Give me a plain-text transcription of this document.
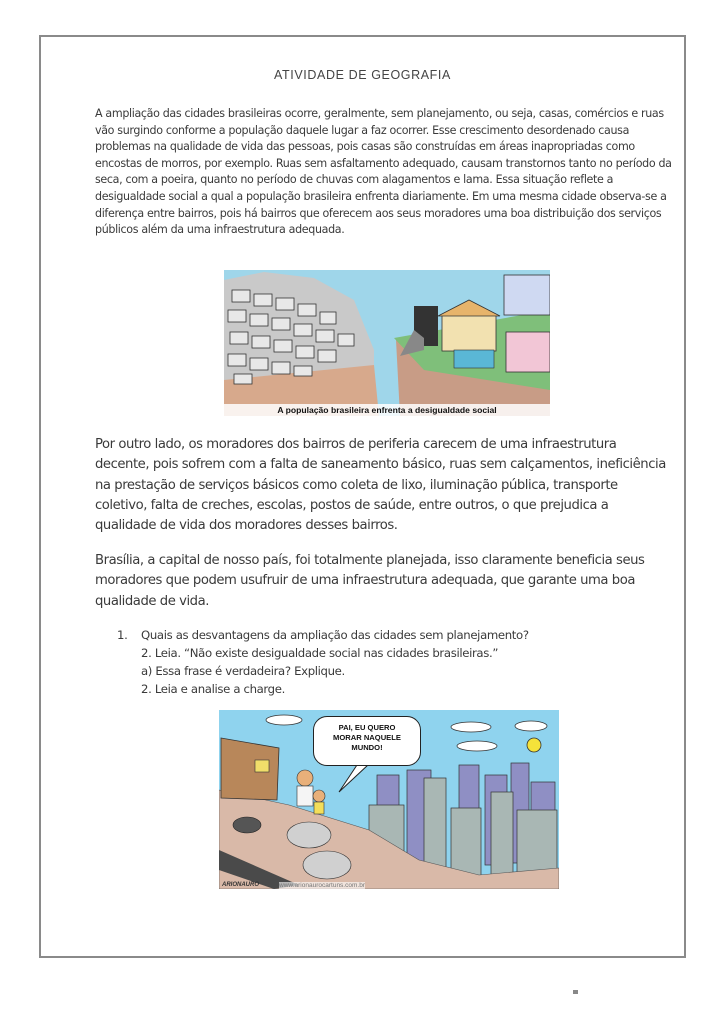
ATIVIDADE DE GEOGRAFIA

A ampliação das cidades brasileiras ocorre, geralmente, sem planejamento, ou seja, casas, comércios e ruas vão surgindo conforme a população daquele lugar a faz ocorrer. Esse crescimento desordenado causa problemas na qualidade de vida das pessoas, pois casas são construídas em áreas inapropriadas como encostas de morros, por exemplo. Ruas sem asfaltamento adequado, causam transtornos tanto no período da seca, com a poeira, quanto no período de chuvas com alagamentos e lama. Essa situação reflete a desigualdade social a qual a população brasileira enfrenta diariamente. Em uma mesma cidade observa-se a diferença entre bairros, pois há bairros que oferecem aos seus moradores uma boa distribuição dos serviços públicos além da uma infraestrutura adequada.

A população brasileira enfrenta a desigualdade social

Por outro lado, os moradores dos bairros de periferia carecem de uma infraestrutura decente, pois sofrem com a falta de saneamento básico, ruas sem calçamentos, ineficiência na prestação de serviços básicos como coleta de lixo, iluminação pública, transporte coletivo, falta de creches, escolas, postos de saúde, entre outros, o que prejudica a qualidade de vida dos moradores desses bairros.

Brasília, a capital de nosso país, foi totalmente planejada, isso claramente beneficia seus moradores que podem usufruir de uma infraestrutura adequada, que garante uma boa qualidade de vida.

1. Quais as desvantagens da ampliação das cidades sem planejamento?
2. Leia. “Não existe desigualdade social nas cidades brasileiras.”
a) Essa frase é verdadeira? Explique.
2. Leia e analise a charge.
PAI, EU QUERO
MORAR NAQUELE
MUNDO!
ARIONAURO	www.arionaurocartuns.com.br
